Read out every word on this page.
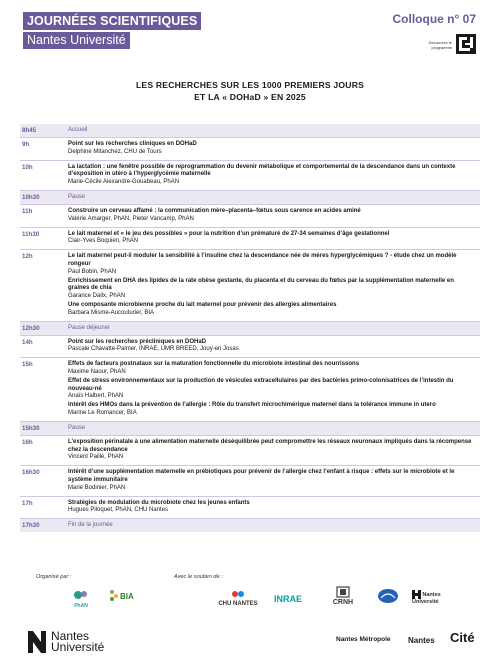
JOURNÉES SCIENTIFIQUES
Nantes Université
Colloque n° 07
Découvrez le programme
LES RECHERCHES SUR LES 1000 PREMIERS JOURS
ET LA « DOHaD » EN 2025
8h45	Accueil
9h	Point sur les recherches cliniques en DOHaD
Delphine Mitanchez, CHU de Tours
10h	La lactation : une fenêtre possible de reprogrammation du devenir métabolique et comportemental de la descendance dans un contexte d’exposition in utéro à l’hyperglycémie maternelle
Marie-Cécile Alexandre-Gouabeau, PhAN
10h30	Pause
11h	Construire un cerveau affamé : la communication mère–placenta–fœtus sous carence en acides aminé
Valérie Amarger, PhAN, Pieter Vancamp, PhAN
11h30	Le lait maternel et « le jeu des possibles » pour la nutrition d’un prématuré de 27-34 semaines d’âge gestationnel
Clair-Yves Boquien, PhAN
12h	Le lait maternel peut-il moduler la sensibilité à l’insuline chez la descendance née de mères hyperglycémiques ? - étude chez un modèle rongeur
Paul Bobin, PhAN
Enrichissement en DHA des lipides de la rate obèse gestante, du placenta et du cerveau du fœtus par la supplémentation maternelle en graines de chia
Garance Dalix, PhAN
Une composante microbienne proche du lait maternel pour prévenir des allergies alimentaires
Barbara Misme-Aucouturier, BIA
12h30	Pause déjeuner
14h	Point sur les recherches précliniques en DOHaD
Pascale Chavatte-Palmer, INRAE, UMR BREED, Jouy-en Josas
15h	Effets de facteurs postnataux sur la maturation fonctionnelle du microbiote intestinal des nourrissons
Maxime Naour, PhAN
Effet de stress environnementaux sur la production de vésicules extracellulaires par des bactéries primo-colonisatrices de l’intestin du nouveau-né
Anaïs Halbert, PhAN
Intérêt des HMOs dans la prévention de l’allergie : Rôle du transfert microchimérique maternel dans la tolérance immune in utero
Marine Le Romancer, BIA
15h30	Pause
16h	L’exposition périnatale à une alimentation maternelle déséquilibrée peut compromettre les réseaux neuronaux impliqués dans la récompense chez la descendance
Vincent Paillé, PhAN
16h30	Intérêt d’une supplémentation maternelle en prébiotiques pour prévenir de l’allergie chez l’enfant à risque : effets sur le microbiote et le système immunitaire
Marie Bodinier, PhAN
17h	Stratégies de modulation du microbiote chez les jeunes enfants
Hugues Piloquet, PhAN, CHU Nantes
17h30	Fin de la journée
Organisé par :	Avec le soutien de :
PhAN
BIA
CHU NANTES	INRAE	CRNH
Nantes Université
Nantes
Université
Nantes Métropole Nantes Cité
